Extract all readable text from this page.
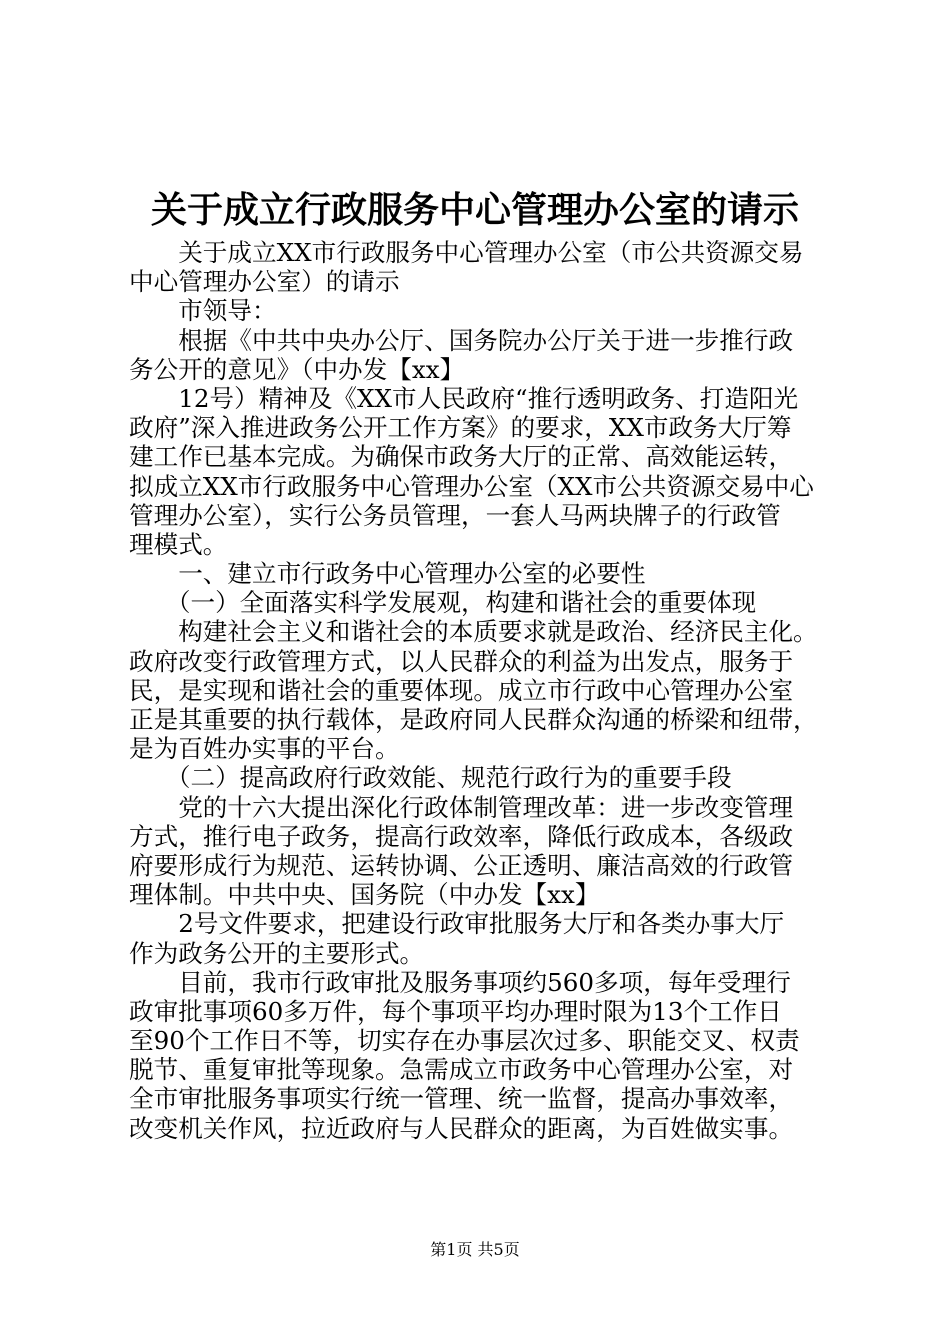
关于成立行政服务中心管理办公室的请示
　　关于成立XX市行政服务中心管理办公室（市公共资源交易
中心管理办公室）的请示
　　市领导：
　　根据《中共中央办公厅、国务院办公厅关于进一步推行政
务公开的意见》（中办发【xx】
　　12号）精神及《XX市人民政府“推行透明政务、打造阳光
政府”深入推进政务公开工作方案》的要求，XX市政务大厅筹
建工作已基本完成。为确保市政务大厅的正常、高效能运转，
拟成立XX市行政服务中心管理办公室（XX市公共资源交易中心
管理办公室），实行公务员管理，一套人马两块牌子的行政管
理模式。
　　一、建立市行政务中心管理办公室的必要性
　　（一）全面落实科学发展观，构建和谐社会的重要体现
　　构建社会主义和谐社会的本质要求就是政治、经济民主化。
政府改变行政管理方式，以人民群众的利益为出发点，服务于
民，是实现和谐社会的重要体现。成立市行政中心管理办公室
正是其重要的执行载体，是政府同人民群众沟通的桥梁和纽带，
是为百姓办实事的平台。
　　（二）提高政府行政效能、规范行政行为的重要手段
　　党的十六大提出深化行政体制管理改革：进一步改变管理
方式，推行电子政务，提高行政效率，降低行政成本，各级政
府要形成行为规范、运转协调、公正透明、廉洁高效的行政管
理体制。中共中央、国务院（中办发【xx】
　　2号文件要求，把建设行政审批服务大厅和各类办事大厅
作为政务公开的主要形式。
　　目前，我市行政审批及服务事项约560多项，每年受理行
政审批事项60多万件，每个事项平均办理时限为13个工作日
至90个工作日不等，切实存在办事层次过多、职能交叉、权责
脱节、重复审批等现象。急需成立市政务中心管理办公室，对
全市审批服务事项实行统一管理、统一监督，提高办事效率，
改变机关作风，拉近政府与人民群众的距离，为百姓做实事。
第1页 共5页
